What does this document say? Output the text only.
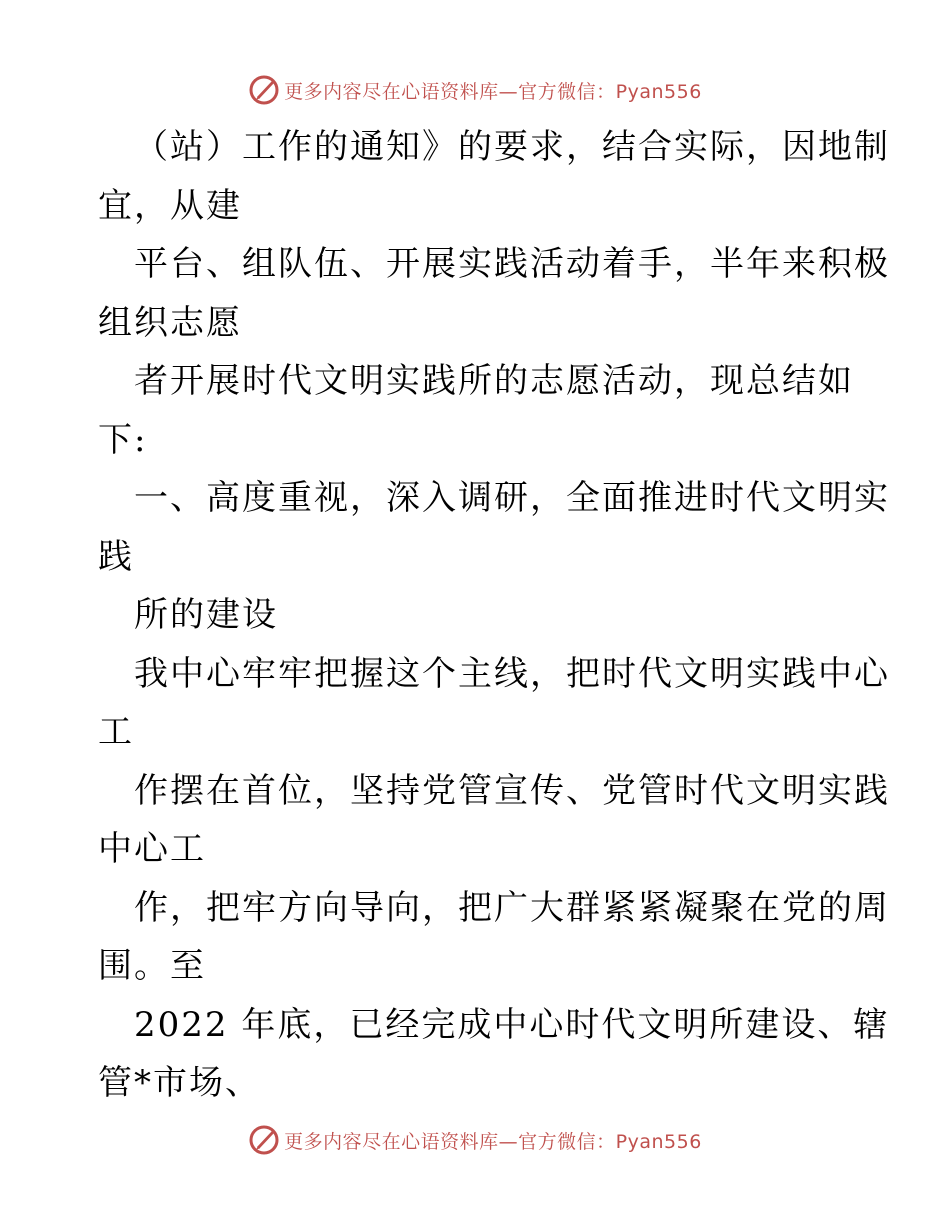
更多内容尽在心语资料库—官方微信：Pyan556
（站）工作的通知》的要求，结合实际，因地制
宜，从建
平台、组队伍、开展实践活动着手，半年来积极
组织志愿
者开展时代文明实践所的志愿活动，现总结如
下:
一、高度重视，深入调研，全面推进时代文明实
践
所的建设
我中心牢牢把握这个主线，把时代文明实践中心
工
作摆在首位，坚持党管宣传、党管时代文明实践
中心工
作，把牢方向导向，把广大群紧紧凝聚在党的周
围。至
2022 年底，已经完成中心时代文明所建设、辖
管*市场、
更多内容尽在心语资料库—官方微信：Pyan556
